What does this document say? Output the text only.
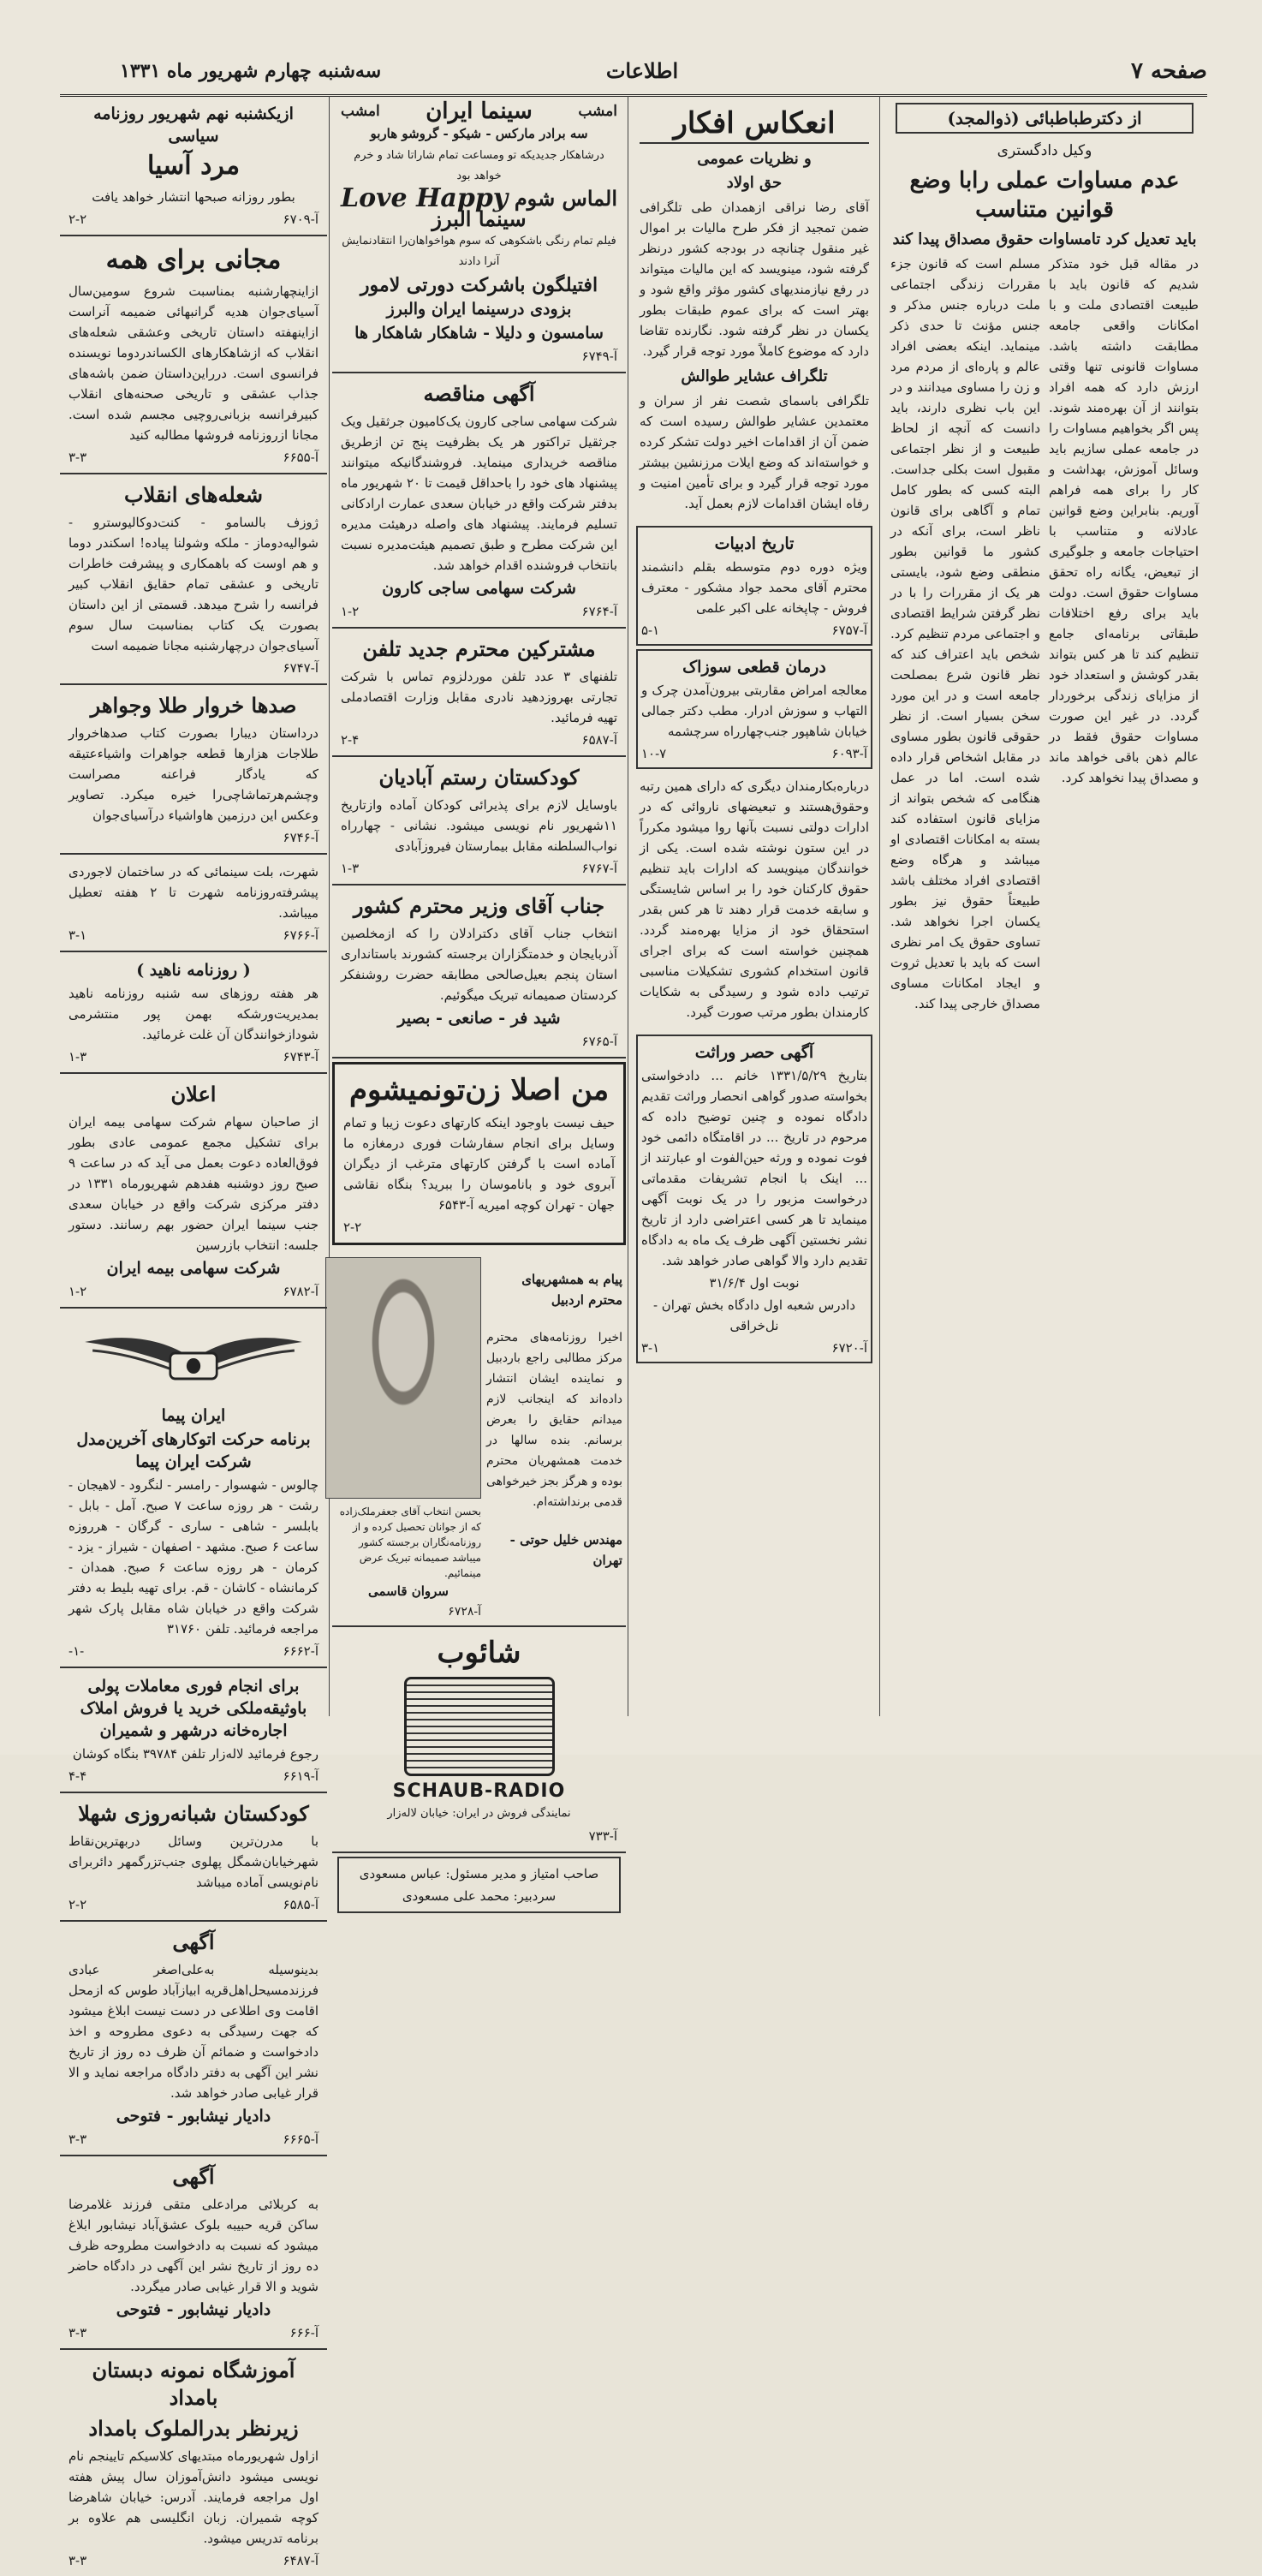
سه‌شنبه چهارم شهریور ماه ۱۳۳۱	اطلاعات	صفحه ۷
از دکترطباطبائی (ذوالمجد)
وکیل دادگستری
عدم مساوات عملی رابا وضع قوانین متناسب
باید تعدیل کرد تامساوات حقوق مصداق پیدا کند

در مقاله قبل خود متذکر شدیم که قانون باید با طبیعت اقتصادی ملت و با امکانات واقعی جامعه مطابقت داشته باشد. مساوات قانونی تنها وقتی ارزش دارد که همه افراد بتوانند از آن بهره‌مند شوند. پس اگر بخواهیم مساوات را در جامعه عملی سازیم باید وسائل آموزش، بهداشت و کار را برای همه فراهم آوریم. بنابراین وضع قوانین عادلانه و متناسب با احتیاجات جامعه و جلوگیری از تبعیض، یگانه راه تحقق مساوات حقوق است. دولت باید برای رفع اختلافات طبقاتی برنامه‌ای جامع تنظیم کند تا هر کس بتواند بقدر کوشش و استعداد خود از مزایای زندگی برخوردار گردد. در غیر این صورت مساوات حقوق فقط در عالم ذهن باقی خواهد ماند و مصداق پیدا نخواهد کرد.

مسلم است که قانون جزء مقررات زندگی اجتماعی ملت درباره جنس مذکر و جنس مؤنث تا حدی ذکر مینماید. اینکه بعضی افراد عالم و پاره‌ای از مردم مرد و زن را مساوی میدانند و در این باب نظری دارند، باید دانست که آنچه از لحاظ طبیعت و از نظر اجتماعی مقبول است بکلی جداست. البته کسی که بطور کامل تمام و آگاهی برای قانون ناظر است، برای آنکه در کشور ما قوانین بطور منطقی وضع شود، بایستی هر یک از مقررات را با در نظر گرفتن شرایط اقتصادی و اجتماعی مردم تنظیم کرد. شخص باید اعتراف کند که نظر قانون شرع بمصلحت جامعه است و در این مورد سخن بسیار است. از نظر حقوقی قانون بطور مساوی در مقابل اشخاص قرار داده شده است. اما در عمل هنگامی که شخص بتواند از مزایای قانون استفاده کند بسته به امکانات اقتصادی او میباشد و هرگاه وضع اقتصادی افراد مختلف باشد طبیعتاً حقوق نیز بطور یکسان اجرا نخواهد شد. تساوی حقوق یک امر نظری است که باید با تعدیل ثروت و ایجاد امکانات مساوی مصداق خارجی پیدا کند.

انعکاس افکار
و نظریات عمومی
حق اولاد

آقای رضا نراقی ازهمدان طی تلگرافی ضمن تمجید از فکر طرح مالیات بر اموال غیر منقول چنانچه در بودجه کشور درنظر گرفته شود، مینویسد که این مالیات میتواند در رفع نیازمندیهای کشور مؤثر واقع شود و بهتر است که برای عموم طبقات بطور یکسان در نظر گرفته شود. نگارنده تقاضا دارد که موضوع کاملاً مورد توجه قرار گیرد.

تلگراف عشایر طوالش

تلگرافی باسمای شصت نفر از سران و معتمدین عشایر طوالش رسیده است که ضمن آن از اقدامات اخیر دولت تشکر کرده و خواسته‌اند که وضع ایلات مرزنشین بیشتر مورد توجه قرار گیرد و برای تأمین امنیت و رفاه ایشان اقدامات لازم بعمل آید.

تاریخ ادبیات

ویژه دوره دوم متوسطه بقلم دانشمند محترم آقای محمد جواد مشکور - معترف فروش - چاپخانه علی اکبر علمی

آ-۶۷۵۷
۵-۱
درمان قطعی سوزاک

معالجه امراض مقاربتی بیرون‌آمدن چرک و التهاب و سوزش ادرار. مطب دکتر جمالی خیابان شاهپور جنب‌چهارراه سرچشمه

آ-۶۰۹۳
۱۰-۷

درباره‌بکارمندان دیگری که دارای همین رتبه وحقوق‌هستند و تبعیضهای ناروائی که در ادارات دولتی نسبت بآنها روا میشود مکرراً در این ستون نوشته شده است. یکی از خوانندگان مینویسد که ادارات باید تنظیم حقوق کارکنان خود را بر اساس شایستگی و سابقه خدمت قرار دهند تا هر کس بقدر استحقاق خود از مزایا بهره‌مند گردد. همچنین خواسته است که برای اجرای قانون استخدام کشوری تشکیلات مناسبی ترتیب داده شود و رسیدگی به شکایات کارمندان بطور مرتب صورت گیرد.

آگهی حصر وراثت

بتاریخ ۱۳۳۱/۵/۲۹ خانم ... دادخواستی بخواسته صدور گواهی انحصار وراثت تقدیم دادگاه نموده و چنین توضیح داده که مرحوم در تاریخ ... در اقامتگاه دائمی خود فوت نموده و ورثه حین‌الفوت او عبارتند از ... اینک با انجام تشریفات مقدماتی درخواست مزبور را در یک نوبت آگهی مینماید تا هر کسی اعتراضی دارد از تاریخ نشر نخستین آگهی ظرف یک ماه به دادگاه تقدیم دارد والا گواهی صادر خواهد شد.

نوبت اول ۳۱/۶/۴

دادرس شعبه اول دادگاه بخش تهران - نل‌خراقی

آ-۶۷۲۰
۳-۱
امشب
سینما ایران
امشب

سه برادر مارکس - شیکو - گروشو هاربو

درشاهکار جدیدیکه تو ومساعت تمام شاراتا شاد و خرم خواهد بود

الماس شوم
Love Happy
سینما البرز

فیلم تمام رنگی باشکوهی که سوم هواخواهان‌را انتقادنمایش آنرا دادند

افتیلگون باشرکت دورتی لامور
بزودی درسینما ایران والبرز
سامسون و دلیلا - شاهکار شاهکار ها
آ-۶۷۴۹
آگهی مناقصه

شرکت سهامی ساجی کارون یک‌کامیون جرثقیل ویک جرثقیل تراکتور هر یک بظرفیت پنج تن ازطریق مناقصه خریداری مینماید. فروشندگانیکه میتوانند پیشنهاد های خود را باحداقل قیمت تا ۲۰ شهریور ماه بدفتر شرکت واقع در خیابان سعدی عمارت ارادکانی تسلیم فرمایند. پیشنهاد های واصله درهیئت مدیره این شرکت مطرح و طبق تصمیم هیئت‌مدیره نسبت بانتخاب فروشنده اقدام خواهد شد.

شرکت سهامی ساجی کارون
آ-۶۷۶۴
۱-۲
مشترکین محترم جدید تلفن

تلفنهای ۳ عدد تلفن موردلزوم تماس با شرکت تجارتی بهروزدهید نادری مقابل وزارت اقتصادملی تهیه فرمائید.

آ-۶۵۸۷
۲-۴
کودکستان رستم آبادیان

باوسایل لازم برای پذیرائی کودکان آماده وازتاریخ ۱۱شهریور نام نویسی میشود. نشانی - چهارراه نواب‌السلطنه مقابل بیمارستان فیروزآبادی

آ-۶۷۶۷
۱-۳
جناب آقای وزیر محترم کشور

انتخاب جناب آقای دکترادلان را که ازمخلصین آذربایجان و خدمتگزاران برجسته کشورند باستانداری استان پنجم بعیل‌صالحی مطابقه حضرت روشنفکر کردستان صمیمانه تبریک میگوئیم.

شید فر - صانعی - بصیر
آ-۶۷۶۵
من اصلا زن‌تونمیشوم

حیف نیست باوجود اینکه کارتهای دعوت زیبا و تمام وسایل برای انجام سفارشات فوری درمغازه ما آماده است با گرفتن کارتهای مترغب از دیگران آبروی خود و باناموسان را ببرید؟ بنگاه نقاشی جهان - تهران کوچه امیریه آ-۶۵۴۳

۲-۲
پیام به همشهریهای محترم اردبیل

اخیرا روزنامه‌های محترم مرکز مطالبی راجع باردبیل و نماینده ایشان انتشار داده‌اند که اینجانب لازم میدانم حقایق را بعرض برسانم. بنده سالها در خدمت همشهریان محترم بوده و هرگز بجز خیرخواهی قدمی برنداشته‌ام.

مهندس خلیل حوتی - تهران

بحسن انتخاب آقای جعفرملک‌زاده که از جوانان تحصیل کرده و از روزنامه‌نگاران برجسته کشور میباشد صمیمانه تبریک عرض مینمائیم.

سروان قاسمی

آ-۶۷۲۸
شائوب
SCHAUB-RADIO

نمایندگی فروش در ایران: خیابان لاله‌زار

آ-۷۳۳

صاحب امتیاز و مدیر مسئول: عباس مسعودی

سردبیر: محمد علی مسعودی

ازیکشنبه نهم شهریور روزنامه سیاسی
مرد آسیا

بطور روزانه صبحها انتشار خواهد یافت

آ-۶۷۰۹
۲-۲
مجانی برای همه

ازاینچهارشنبه بمناسبت شروع سومین‌سال آسیای‌جوان هدیه گرانبهائی ضمیمه آنراست ازاینهفته داستان تاریخی وعشقی شعله‌های انقلاب که ازشاهکارهای الکساندردوما نویسنده فرانسوی است. درراین‌داستان ضمن باشه‌های جذاب عشقی و تاریخی صحنه‌های انقلاب کبیرفرانسه بزبانی‌روچیی مجسم شده است. مجانا ازروزنامه فروشها مطالبه کنید

آ-۶۶۵۵
۳-۳
شعله‌های انقلاب

ژوزف بالسامو - کنت‌دوکالیوسترو - شوالیه‌دوماز - ملکه وشولنا پیاده! اسکندر دوما و هم اوست که باهمکاری و پیشرفت خاطرات تاریخی و عشقی تمام حقایق انقلاب کبیر فرانسه را شرح میدهد. قسمتی از این داستان بصورت یک کتاب بمناسبت سال سوم آسیای‌جوان درچهارشنبه مجانا ضمیمه است

آ-۶۷۴۷
صدها خروار طلا وجواهر

درداستان دیبارا بصورت کتاب صدهاخروار طلاجات هزارها قطعه جواهرات واشیاءعتیقه که یادگار فراعنه مصراست وچشم‌هرتماشاچی‌را خیره میکرد. تصاویر وعکس این درزمین هاواشیاء درآسیای‌جوان

آ-۶۷۴۶

شهرت، بلت سینمائی که در ساختمان لاجوردی پیشرفته‌روزنامه شهرت تا ۲ هفته تعطیل میباشد.

آ-۶۷۶۶
۳-۱
( روزنامه ناهید )

هر هفته روزهای سه شنبه روزنامه ناهید بمدیریت‌ورشکه بهمن پور منتشرمی شودازخوانندگان آن غلت غرمائید.

آ-۶۷۴۳
۱-۳
اعلان

از صاحبان سهام شرکت سهامی بیمه ایران برای تشکیل مجمع عمومی عادی بطور فوق‌العاده دعوت بعمل می آید که در ساعت ۹ صبح روز دوشنبه هفدهم شهریورماه ۱۳۳۱ در دفتر مرکزی شرکت واقع در خیابان سعدی جنب سینما ایران حضور بهم رسانند. دستور جلسه: انتخاب بازرسین

شرکت سهامی بیمه ایران
آ-۶۷۸۲
۱-۲
ایران پیما
برنامه حرکت اتوکارهای آخرین‌مدل شرکت ایران پیما

چالوس - شهسوار - رامسر - لنگرود - لاهیجان - رشت - هر روزه ساعت ۷ صبح. آمل - بابل - بابلسر - شاهی - ساری - گرگان - هرروزه ساعت ۶ صبح. مشهد - اصفهان - شیراز - یزد - کرمان - هر روزه ساعت ۶ صبح. همدان - کرمانشاه - کاشان - قم. برای تهیه بلیط به دفتر شرکت واقع در خیابان شاه مقابل پارک شهر مراجعه فرمائید. تلفن ۳۱۷۶۰

آ-۶۶۶۲
-۱-
برای انجام فوری معاملات پولی باوثیقه‌ملکی خرید یا فروش املاک اجاره‌خانه درشهر و شمیران

رجوع فرمائید لاله‌زار تلفن ۳۹۷۸۴ بنگاه کوشان

آ-۶۶۱۹
۴-۴
کودکستان شبانه‌روزی شهلا

با مدرن‌ترین وسائل دربهترین‌نقاط شهرخیابان‌شمگل پهلوی جنب‌تزرگمهر دائربرای نام‌نویسی آماده میباشد

آ-۶۵۸۵
۲-۲
آگهی

بدینوسیله به‌علی‌اصغر عبادی فرزندمسیحل‌اهل‌قریه ابیازآباد طوس که ازمحل اقامت وی اطلاعی در دست نیست ابلاغ میشود که جهت رسیدگی به دعوی مطروحه و اخذ دادخواست و ضمائم آن ظرف ده روز از تاریخ نشر این آگهی به دفتر دادگاه مراجعه نماید و الا قرار غیابی صادر خواهد شد.

دادیار نیشابور - فتوحی
آ-۶۶۶۵
۳-۳
آگهی

به کربلائی مرادعلی متقی فرزند غلامرضا ساکن قریه حبیبه بلوک عشق‌آباد نیشابور ابلاغ میشود که نسبت به دادخواست مطروحه ظرف ده روز از تاریخ نشر این آگهی در دادگاه حاضر شوید و الا قرار غیابی صادر میگردد.

دادیار نیشابور - فتوحی
آ-۶۶۶
۳-۳
آموزشگاه نمونه دبستان بامداد
زیرنظر بدرالملوک بامداد

ازاول شهریورماه مبتدیهای کلاسیکم تایینجم نام نویسی میشود دانش‌آموزان سال پیش هفته اول مراجعه فرمایند. آدرس: خیابان شاهرضا کوچه شمیران. زبان انگلیسی هم علاوه بر برنامه تدریس میشود.

آ-۶۴۸۷
۳-۳
